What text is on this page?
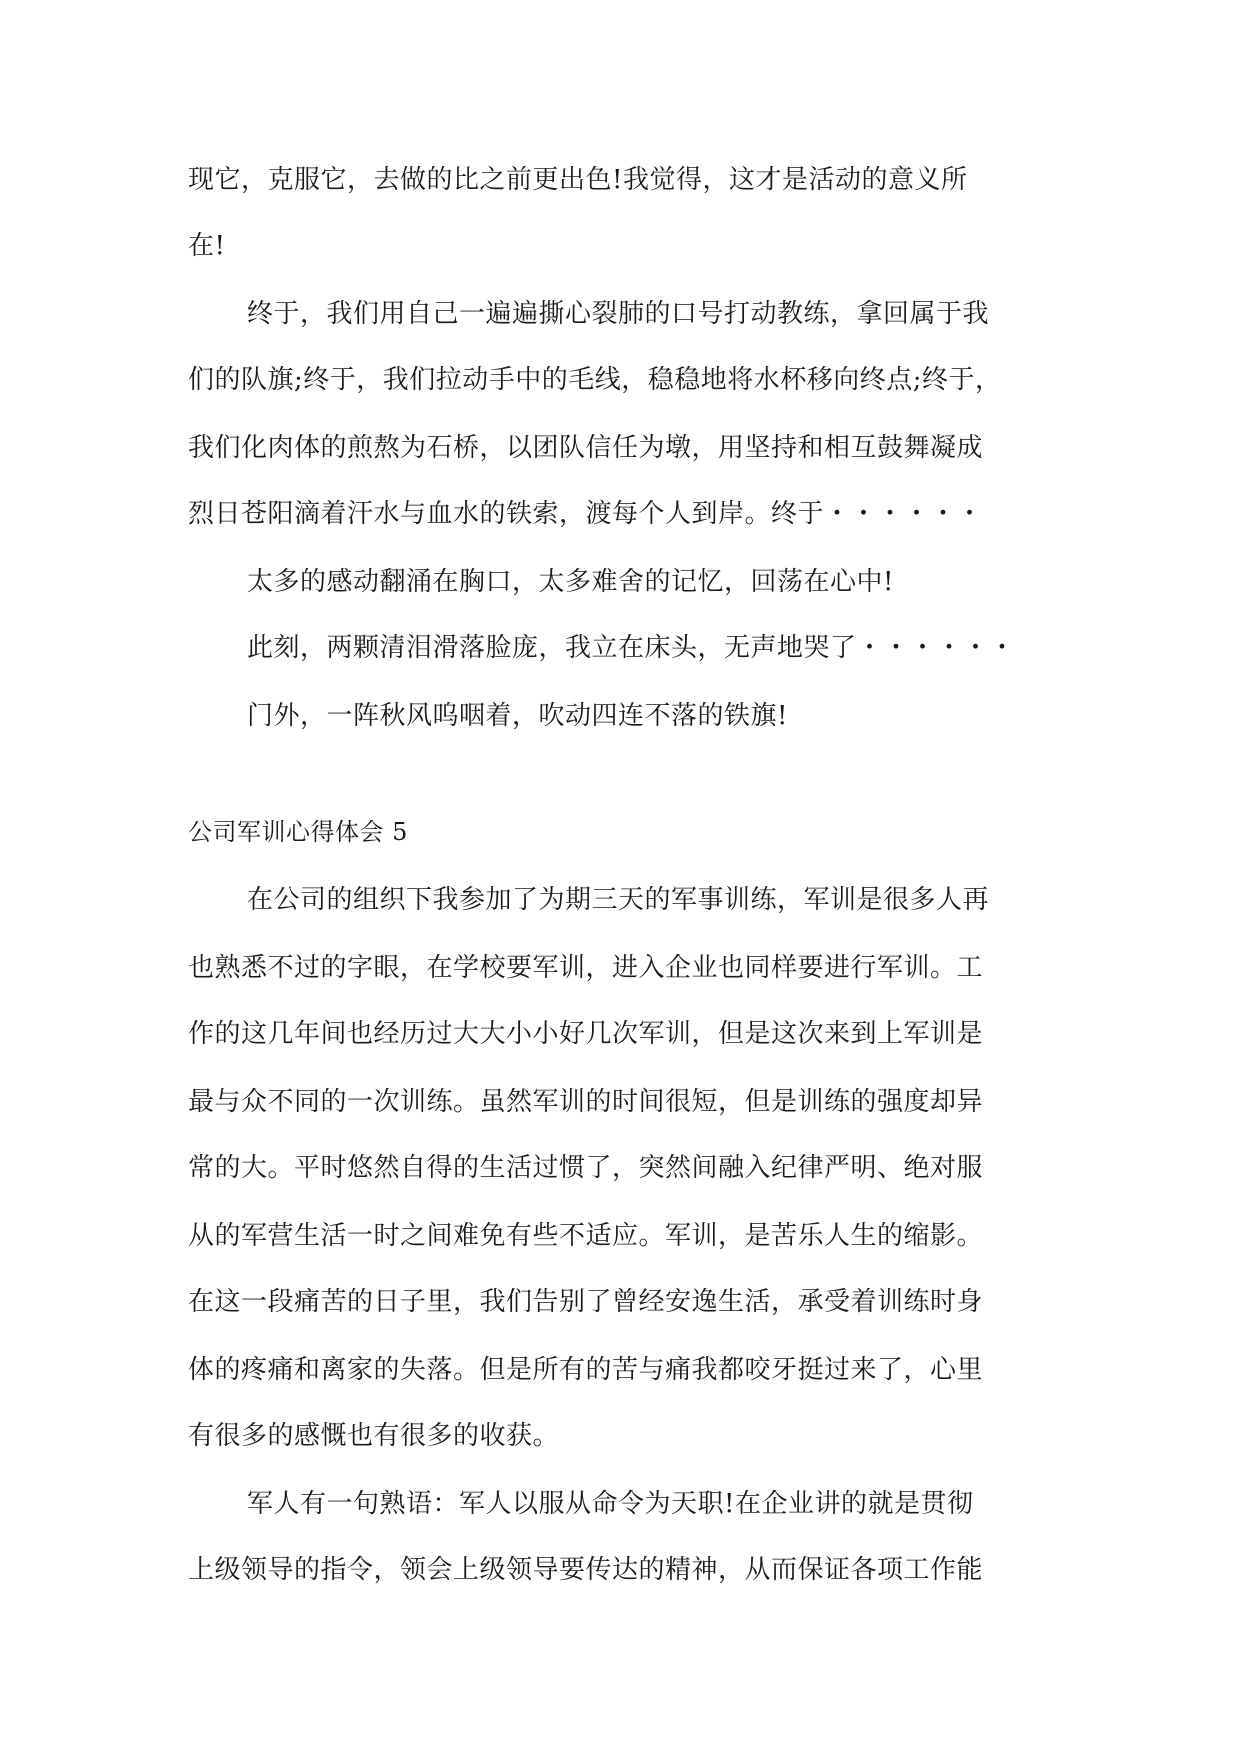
现它，克服它，去做的比之前更出色!我觉得，这才是活动的意义所
在!
终于，我们用自己一遍遍撕心裂肺的口号打动教练，拿回属于我
们的队旗;终于，我们拉动手中的毛线，稳稳地将水杯移向终点;终于，
我们化肉体的煎熬为石桥，以团队信任为墩，用坚持和相互鼓舞凝成
烈日苍阳滴着汗水与血水的铁索，渡每个人到岸。终于・・・・・・
太多的感动翻涌在胸口，太多难舍的记忆，回荡在心中!
此刻，两颗清泪滑落脸庞，我立在床头，无声地哭了・・・・・・
门外，一阵秋风呜咽着，吹动四连不落的铁旗!
公司军训心得体会 5
在公司的组织下我参加了为期三天的军事训练，军训是很多人再
也熟悉不过的字眼，在学校要军训，进入企业也同样要进行军训。工
作的这几年间也经历过大大小小好几次军训，但是这次来到上军训是
最与众不同的一次训练。虽然军训的时间很短，但是训练的强度却异
常的大。平时悠然自得的生活过惯了，突然间融入纪律严明、绝对服
从的军营生活一时之间难免有些不适应。军训，是苦乐人生的缩影。
在这一段痛苦的日子里，我们告别了曾经安逸生活，承受着训练时身
体的疼痛和离家的失落。但是所有的苦与痛我都咬牙挺过来了，心里
有很多的感慨也有很多的收获。
军人有一句熟语：军人以服从命令为天职!在企业讲的就是贯彻
上级领导的指令，领会上级领导要传达的精神，从而保证各项工作能
